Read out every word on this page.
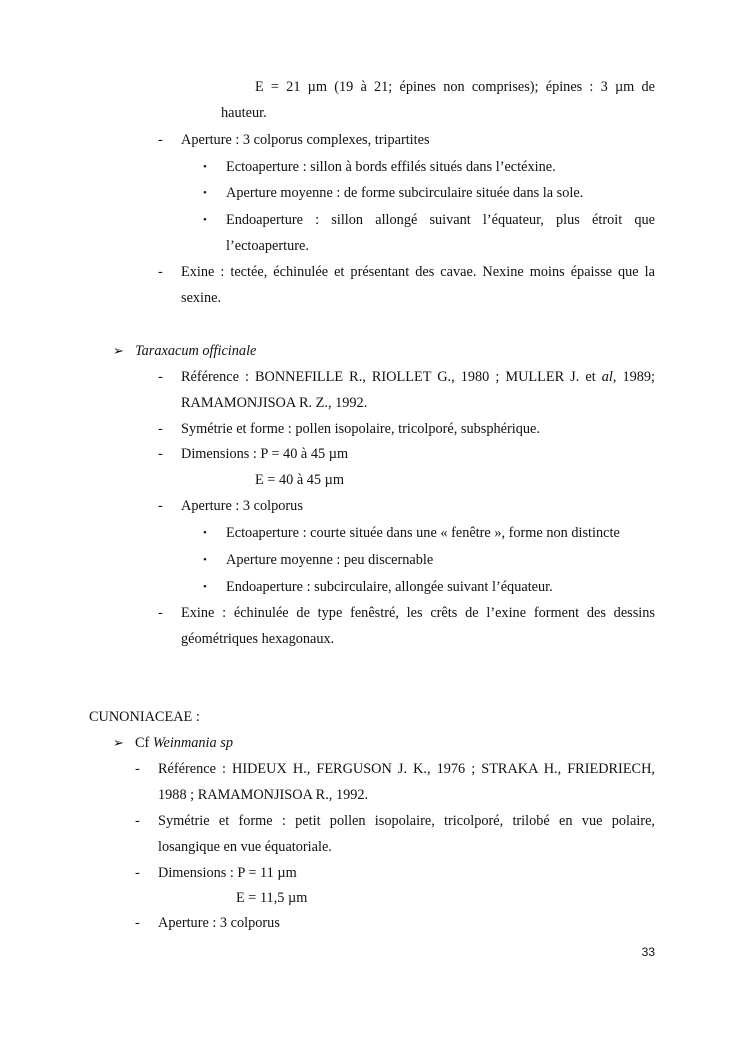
E = 21 µm (19 à 21; épines non comprises); épines : 3 µm de
hauteur.
- Aperture : 3 colporus complexes, tripartites
• Ectoaperture : sillon à bords effilés situés dans l’ectéxine.
• Aperture moyenne : de forme subcirculaire située dans la sole.
• Endoaperture : sillon allongé suivant l’équateur, plus étroit que
l’ectoaperture.
- Exine : tectée, échinulée et présentant des cavae. Nexine moins épaisse que la
sexine.
➢ Taraxacum officinale
- Référence : BONNEFILLE R., RIOLLET G., 1980 ; MULLER J. et al, 1989;
RAMAMONJISOA R. Z., 1992.
- Symétrie et forme : pollen isopolaire, tricolporé, subsphérique.
- Dimensions : P = 40 à 45 µm
E = 40 à 45 µm
- Aperture : 3 colporus
• Ectoaperture : courte située dans une « fenêtre », forme non distincte
• Aperture moyenne : peu discernable
• Endoaperture : subcirculaire, allongée suivant l’équateur.
- Exine : échinulée de type fenêstré, les crêts de l’exine forment des dessins
géométriques hexagonaux.
CUNONIACEAE :
➢ Cf Weinmania sp
- Référence : HIDEUX H., FERGUSON J. K., 1976 ; STRAKA H., FRIEDRIECH,
1988 ; RAMAMONJISOA R., 1992.
- Symétrie et forme : petit pollen isopolaire, tricolporé, trilobé en vue polaire,
losangique en vue équatoriale.
- Dimensions : P = 11 µm
E = 11,5 µm
- Aperture : 3 colporus
33
